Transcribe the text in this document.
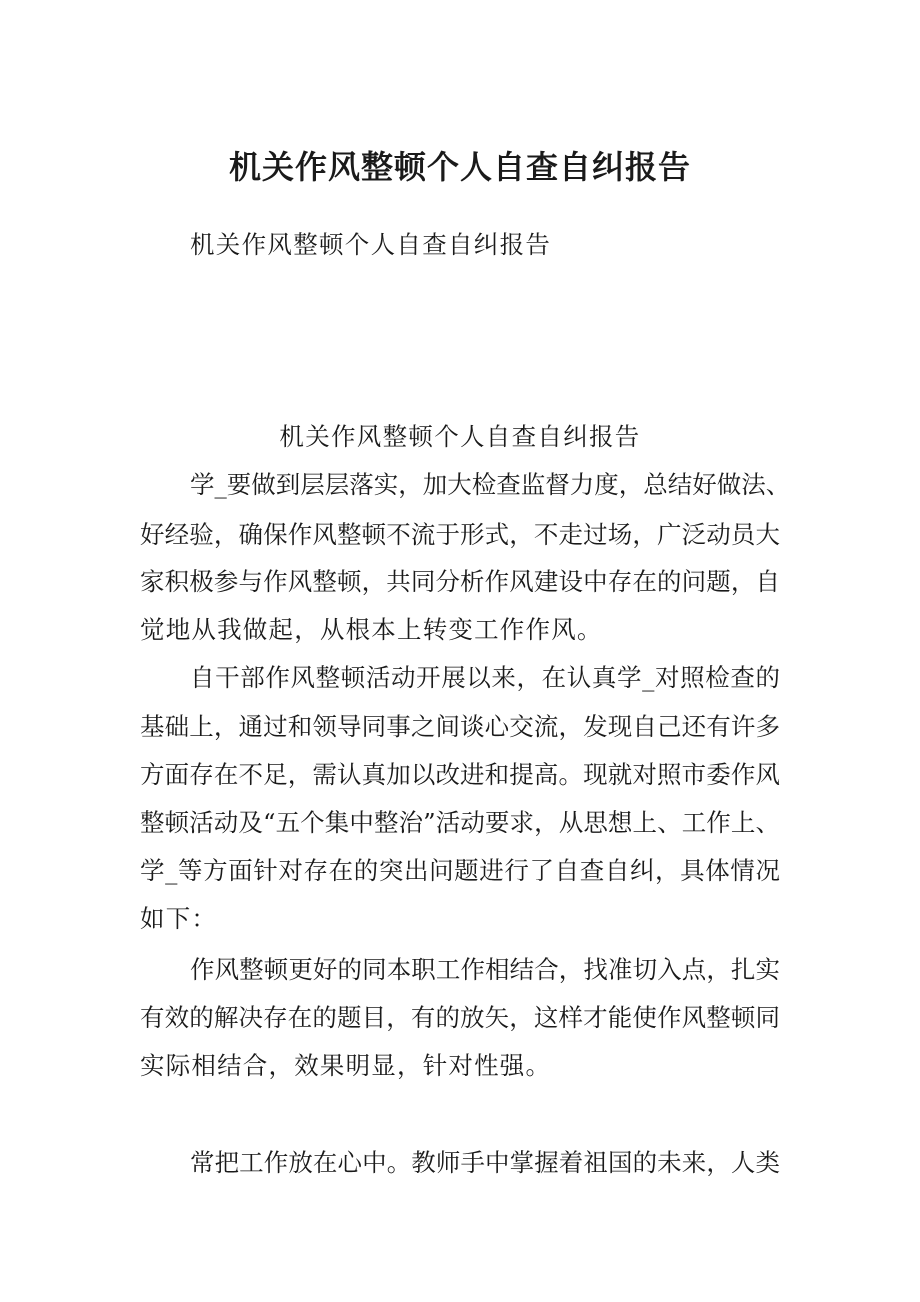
机关作风整顿个人自查自纠报告

机关作风整顿个人自查自纠报告

机关作风整顿个人自查自纠报告

学_要做到层层落实，加大检查监督力度，总结好做法、

好经验，确保作风整顿不流于形式，不走过场，广泛动员大

家积极参与作风整顿，共同分析作风建设中存在的问题，自

觉地从我做起，从根本上转变工作作风。

自干部作风整顿活动开展以来，在认真学_对照检查的

基础上，通过和领导同事之间谈心交流，发现自己还有许多

方面存在不足，需认真加以改进和提高。现就对照市委作风

整顿活动及“五个集中整治”活动要求，从思想上、工作上、

学_等方面针对存在的突出问题进行了自查自纠，具体情况

如下：

作风整顿更好的同本职工作相结合，找准切入点，扎实

有效的解决存在的题目，有的放矢，这样才能使作风整顿同

实际相结合，效果明显，针对性强。

常把工作放在心中。教师手中掌握着祖国的未来，人类
